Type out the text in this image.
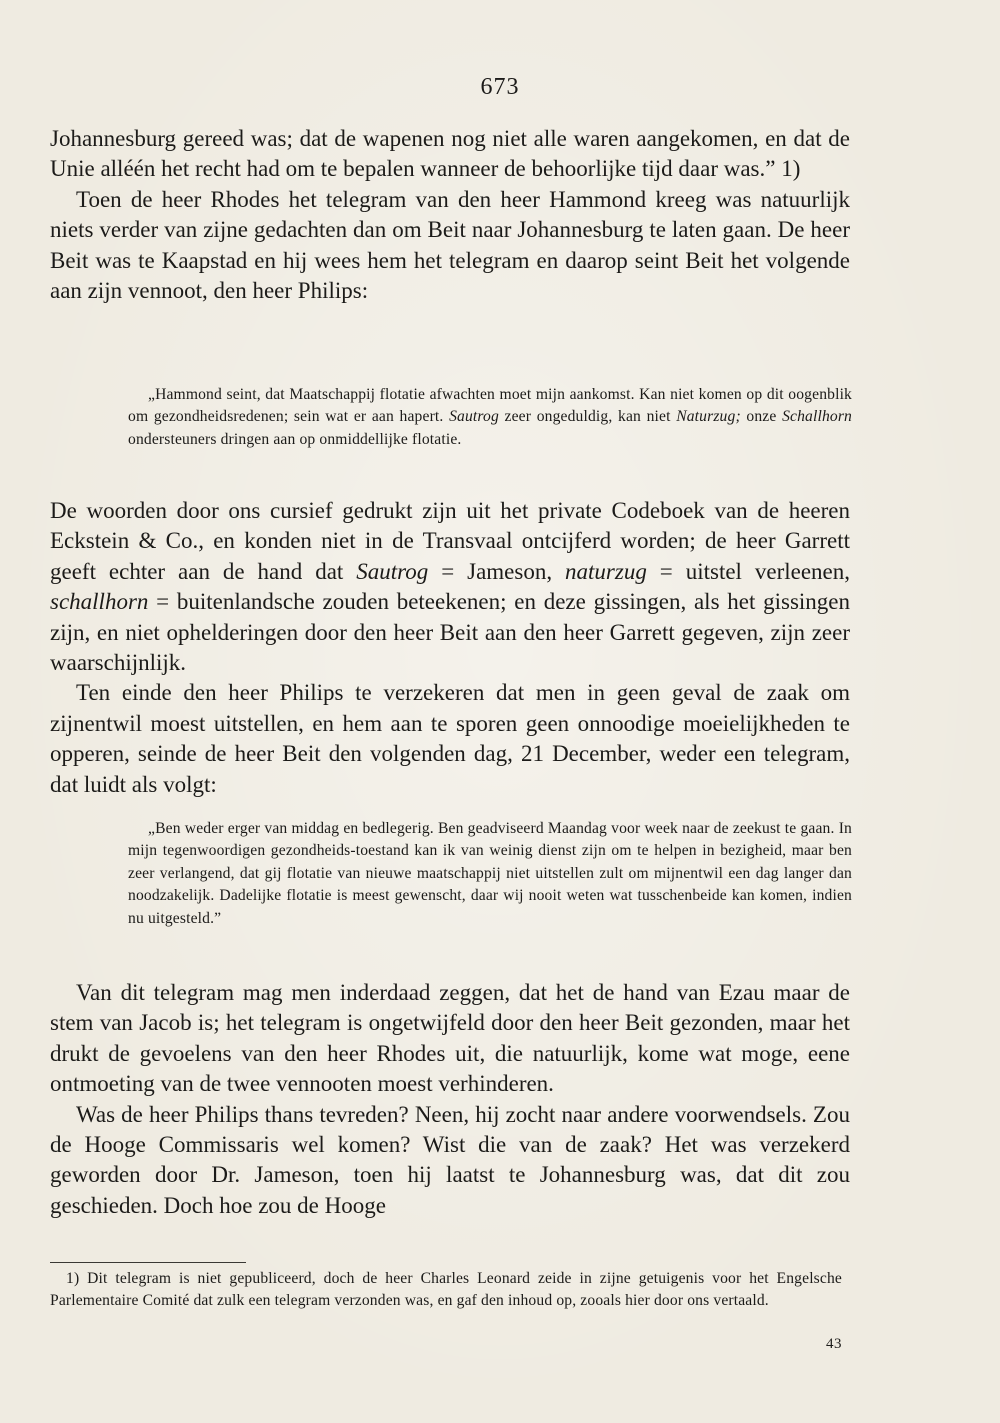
673

Johannesburg gereed was; dat de wapenen nog niet alle waren aangekomen, en dat de Unie alléén het recht had om te bepalen wanneer de behoorlijke tijd daar was.” 1)

Toen de heer Rhodes het telegram van den heer Hammond kreeg was natuurlijk niets verder van zijne gedachten dan om Beit naar Johannesburg te laten gaan. De heer Beit was te Kaapstad en hij wees hem het telegram en daarop seint Beit het volgende aan zijn vennoot, den heer Philips:

„Hammond seint, dat Maatschappij flotatie afwachten moet mijn aankomst. Kan niet komen op dit oogenblik om gezondheidsredenen; sein wat er aan hapert. Sautrog zeer ongeduldig, kan niet Naturzug; onze Schallhorn ondersteuners dringen aan op onmiddellijke flotatie.

De woorden door ons cursief gedrukt zijn uit het private Codeboek van de heeren Eckstein & Co., en konden niet in de Transvaal ontcijferd worden; de heer Garrett geeft echter aan de hand dat Sautrog = Jameson, naturzug = uitstel verleenen, schallhorn = buitenlandsche zouden beteekenen; en deze gissingen, als het gissingen zijn, en niet ophelderingen door den heer Beit aan den heer Garrett gegeven, zijn zeer waarschijnlijk.

Ten einde den heer Philips te verzekeren dat men in geen geval de zaak om zijnentwil moest uitstellen, en hem aan te sporen geen onnoodige moeielijkheden te opperen, seinde de heer Beit den volgenden dag, 21 December, weder een telegram, dat luidt als volgt:

„Ben weder erger van middag en bedlegerig. Ben geadviseerd Maandag voor week naar de zeekust te gaan. In mijn tegenwoordigen gezondheids-toestand kan ik van weinig dienst zijn om te helpen in bezigheid, maar ben zeer verlangend, dat gij flotatie van nieuwe maatschappij niet uitstellen zult om mijnentwil een dag langer dan noodzakelijk. Dadelijke flotatie is meest gewenscht, daar wij nooit weten wat tusschenbeide kan komen, indien nu uitgesteld.”

Van dit telegram mag men inderdaad zeggen, dat het de hand van Ezau maar de stem van Jacob is; het telegram is ongetwijfeld door den heer Beit gezonden, maar het drukt de gevoelens van den heer Rhodes uit, die natuurlijk, kome wat moge, eene ontmoeting van de twee vennooten moest verhinderen.

Was de heer Philips thans tevreden? Neen, hij zocht naar andere voorwendsels. Zou de Hooge Commissaris wel komen? Wist die van de zaak? Het was verzekerd geworden door Dr. Jameson, toen hij laatst te Johannesburg was, dat dit zou geschieden. Doch hoe zou de Hooge

1) Dit telegram is niet gepubliceerd, doch de heer Charles Leonard zeide in zijne getuigenis voor het Engelsche Parlementaire Comité dat zulk een telegram verzonden was, en gaf den inhoud op, zooals hier door ons vertaald.

43
